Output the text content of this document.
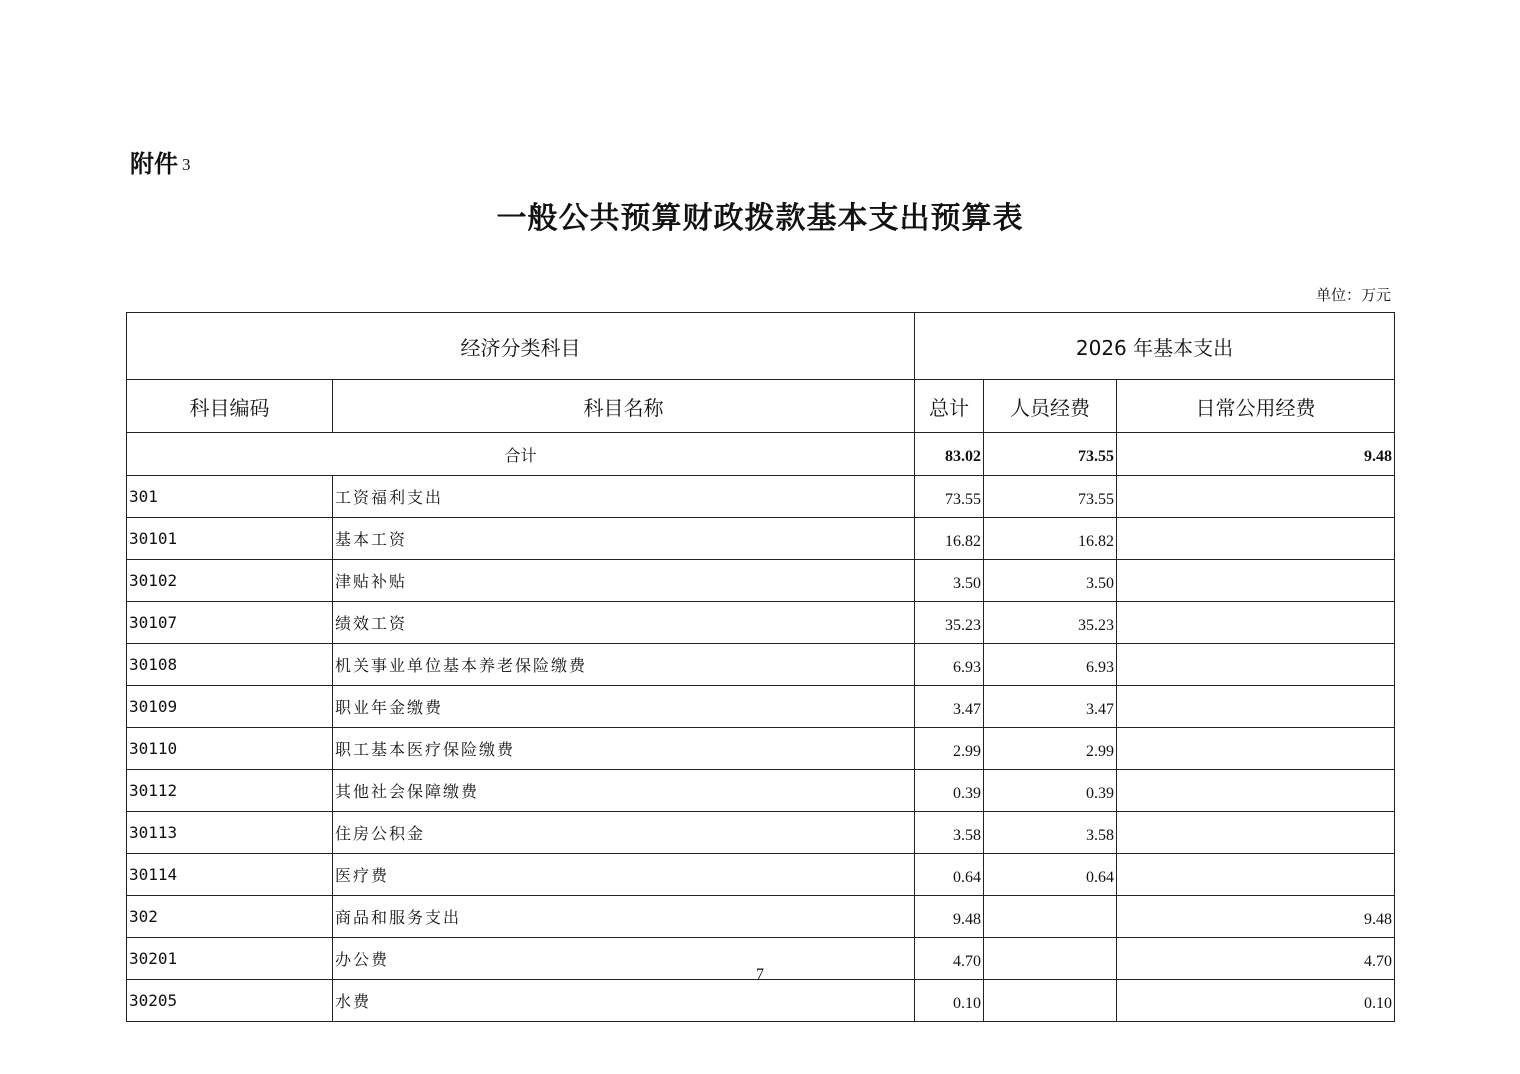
附件 3
一般公共预算财政拨款基本支出预算表
单位：万元
经济分类科目		2026 年基本支出		
科目编码	科目名称	总计	人员经费	日常公用经费
合计		83.02	73.55	9.48
301	工资福利支出	73.55	73.55	
30101	基本工资	16.82	16.82	
30102	津贴补贴	3.50	3.50	
30107	绩效工资	35.23	35.23	
30108	机关事业单位基本养老保险缴费	6.93	6.93	
30109	职业年金缴费	3.47	3.47	
30110	职工基本医疗保险缴费	2.99	2.99	
30112	其他社会保障缴费	0.39	0.39	
30113	住房公积金	3.58	3.58	
30114	医疗费	0.64	0.64	
302	商品和服务支出	9.48		9.48
30201	办公费	4.70		4.70
30205	水费	0.10		0.10
7
